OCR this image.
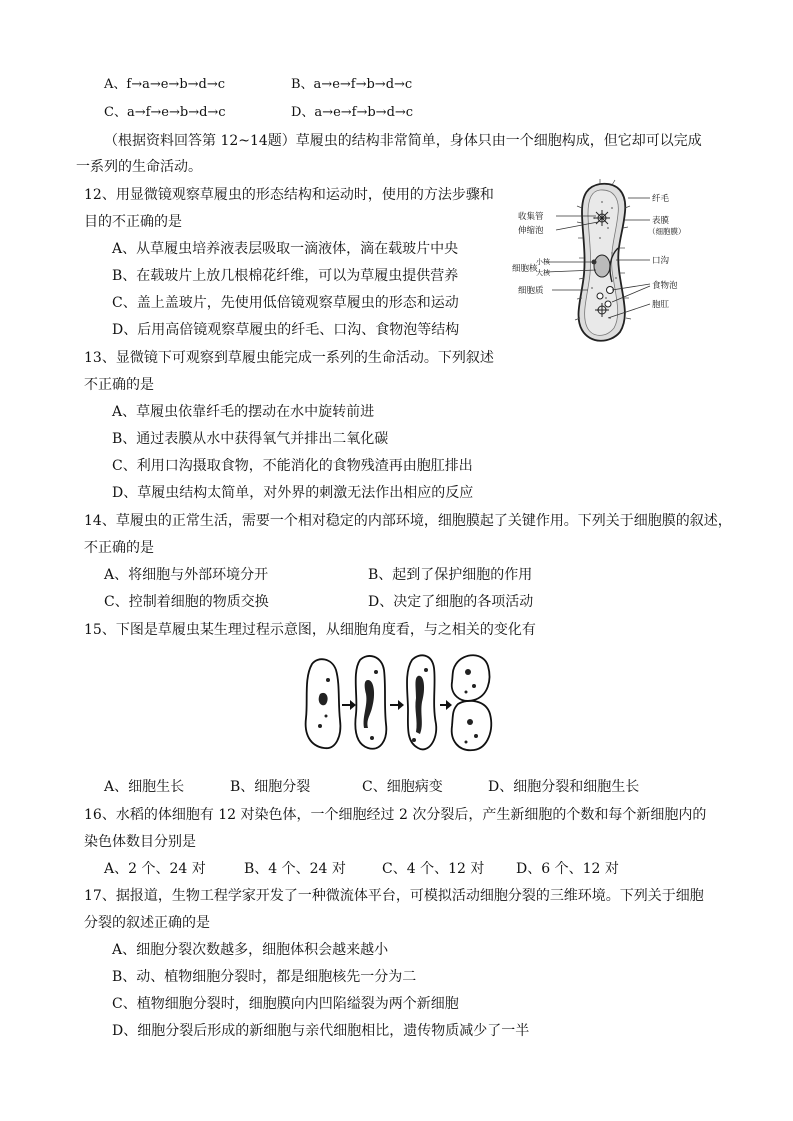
A、f→a→e→b→d→c	B、a→e→f→b→d→c
C、a→f→e→b→d→c	D、a→e→f→b→d→c
（根据资料回答第 12~14题）草履虫的结构非常简单，身体只由一个细胞构成，但它却可以完成
一系列的生命活动。
12、用显微镜观察草履虫的形态结构和运动时，使用的方法步骤和
目的不正确的是
A、从草履虫培养液表层吸取一滴液体，滴在载玻片中央
B、在载玻片上放几根棉花纤维，可以为草履虫提供营养
C、盖上盖玻片，先使用低倍镜观察草履虫的形态和运动
D、后用高倍镜观察草履虫的纤毛、口沟、食物泡等结构
纤毛
收集管
伸缩泡
表膜
（细胞膜）
细胞核
小核
大核
口沟
食物泡
细胞质
胞肛
13、显微镜下可观察到草履虫能完成一系列的生命活动。下列叙述
不正确的是
A、草履虫依靠纤毛的摆动在水中旋转前进
B、通过表膜从水中获得氧气并排出二氧化碳
C、利用口沟摄取食物，不能消化的食物残渣再由胞肛排出
D、草履虫结构太简单，对外界的刺激无法作出相应的反应
14、草履虫的正常生活，需要一个相对稳定的内部环境，细胞膜起了关键作用。下列关于细胞膜的叙述，
不正确的是
A、将细胞与外部环境分开	B、起到了保护细胞的作用
C、控制着细胞的物质交换	D、决定了细胞的各项活动
15、下图是草履虫某生理过程示意图，从细胞角度看，与之相关的变化有
A、细胞生长	B、细胞分裂	C、细胞病变	D、细胞分裂和细胞生长
16、水稻的体细胞有 12 对染色体，一个细胞经过 2 次分裂后，产生新细胞的个数和每个新细胞内的
染色体数目分别是
A、2 个、24 对	B、4 个、24 对	C、4 个、12 对 D、6 个、12 对
17、据报道，生物工程学家开发了一种微流体平台，可模拟活动细胞分裂的三维环境。下列关于细胞
分裂的叙述正确的是
A、细胞分裂次数越多，细胞体积会越来越小
B、动、植物细胞分裂时，都是细胞核先一分为二
C、植物细胞分裂时，细胞膜向内凹陷缢裂为两个新细胞
D、细胞分裂后形成的新细胞与亲代细胞相比，遗传物质减少了一半
